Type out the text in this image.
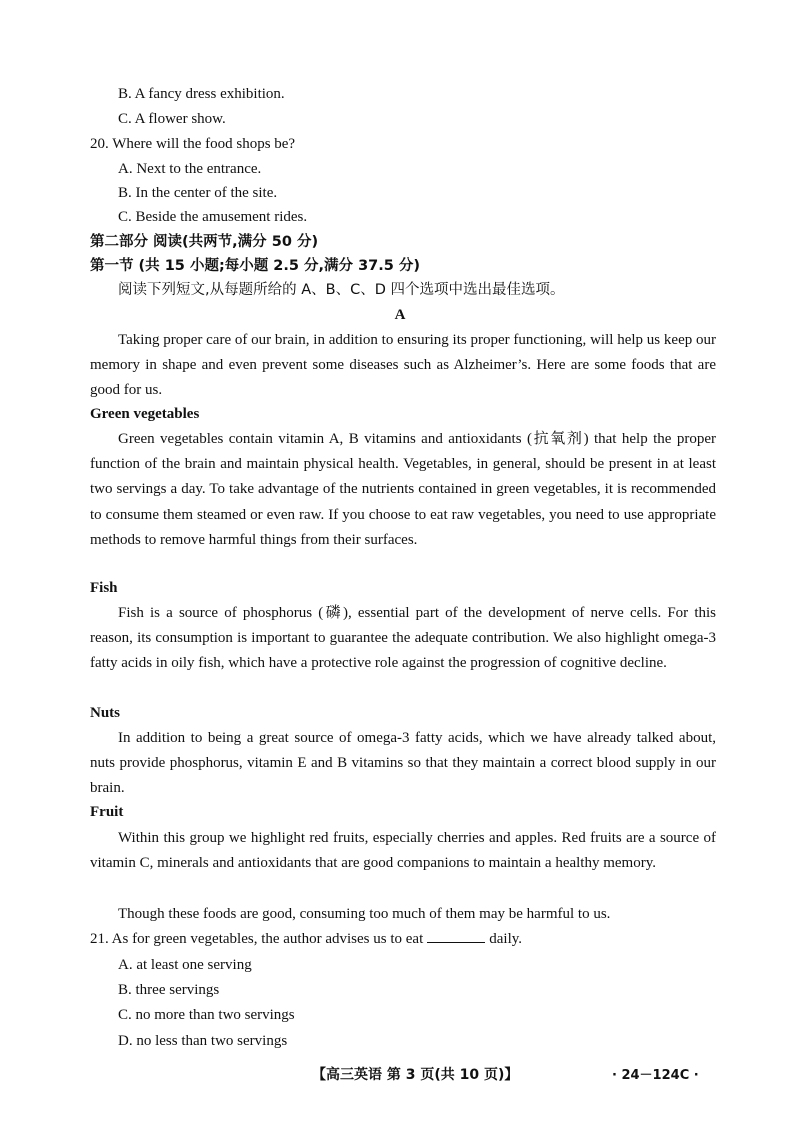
B. A fancy dress exhibition.
C. A flower show.
20. Where will the food shops be?
A. Next to the entrance.
B. In the center of the site.
C. Beside the amusement rides.
第二部分 阅读(共两节,满分 50 分)
第一节 (共 15 小题;每小题 2.5 分,满分 37.5 分)
阅读下列短文,从每题所给的 A、B、C、D 四个选项中选出最佳选项。
A

Taking proper care of our brain, in addition to ensuring its proper functioning, will help us keep our memory in shape and even prevent some diseases such as Alzheimer’s. Here are some foods that are good for us.

Green vegetables

Green vegetables contain vitamin A, B vitamins and antioxidants (抗氧剂) that help the proper function of the brain and maintain physical health. Vegetables, in general, should be present in at least two servings a day. To take advantage of the nutrients contained in green vegetables, it is recommended to consume them steamed or even raw. If you choose to eat raw vegetables, you need to use appropriate methods to remove harmful things from their surfaces.

Fish

Fish is a source of phosphorus (磷), essential part of the development of nerve cells. For this reason, its consumption is important to guarantee the adequate contribution. We also highlight omega-3 fatty acids in oily fish, which have a protective role against the progression of cognitive decline.

Nuts

In addition to being a great source of omega-3 fatty acids, which we have already talked about, nuts provide phosphorus, vitamin E and B vitamins so that they maintain a correct blood supply in our brain.

Fruit

Within this group we highlight red fruits, especially cherries and apples. Red fruits are a source of vitamin C, minerals and antioxidants that are good companions to maintain a healthy memory.

Though these foods are good, consuming too much of them may be harmful to us.

21. As for green vegetables, the author advises us to eat	daily.
A. at least one serving
B. three servings
C. no more than two servings
D. no less than two servings
【高三英语 第 3 页(共 10 页)】	· 24－124C ·
